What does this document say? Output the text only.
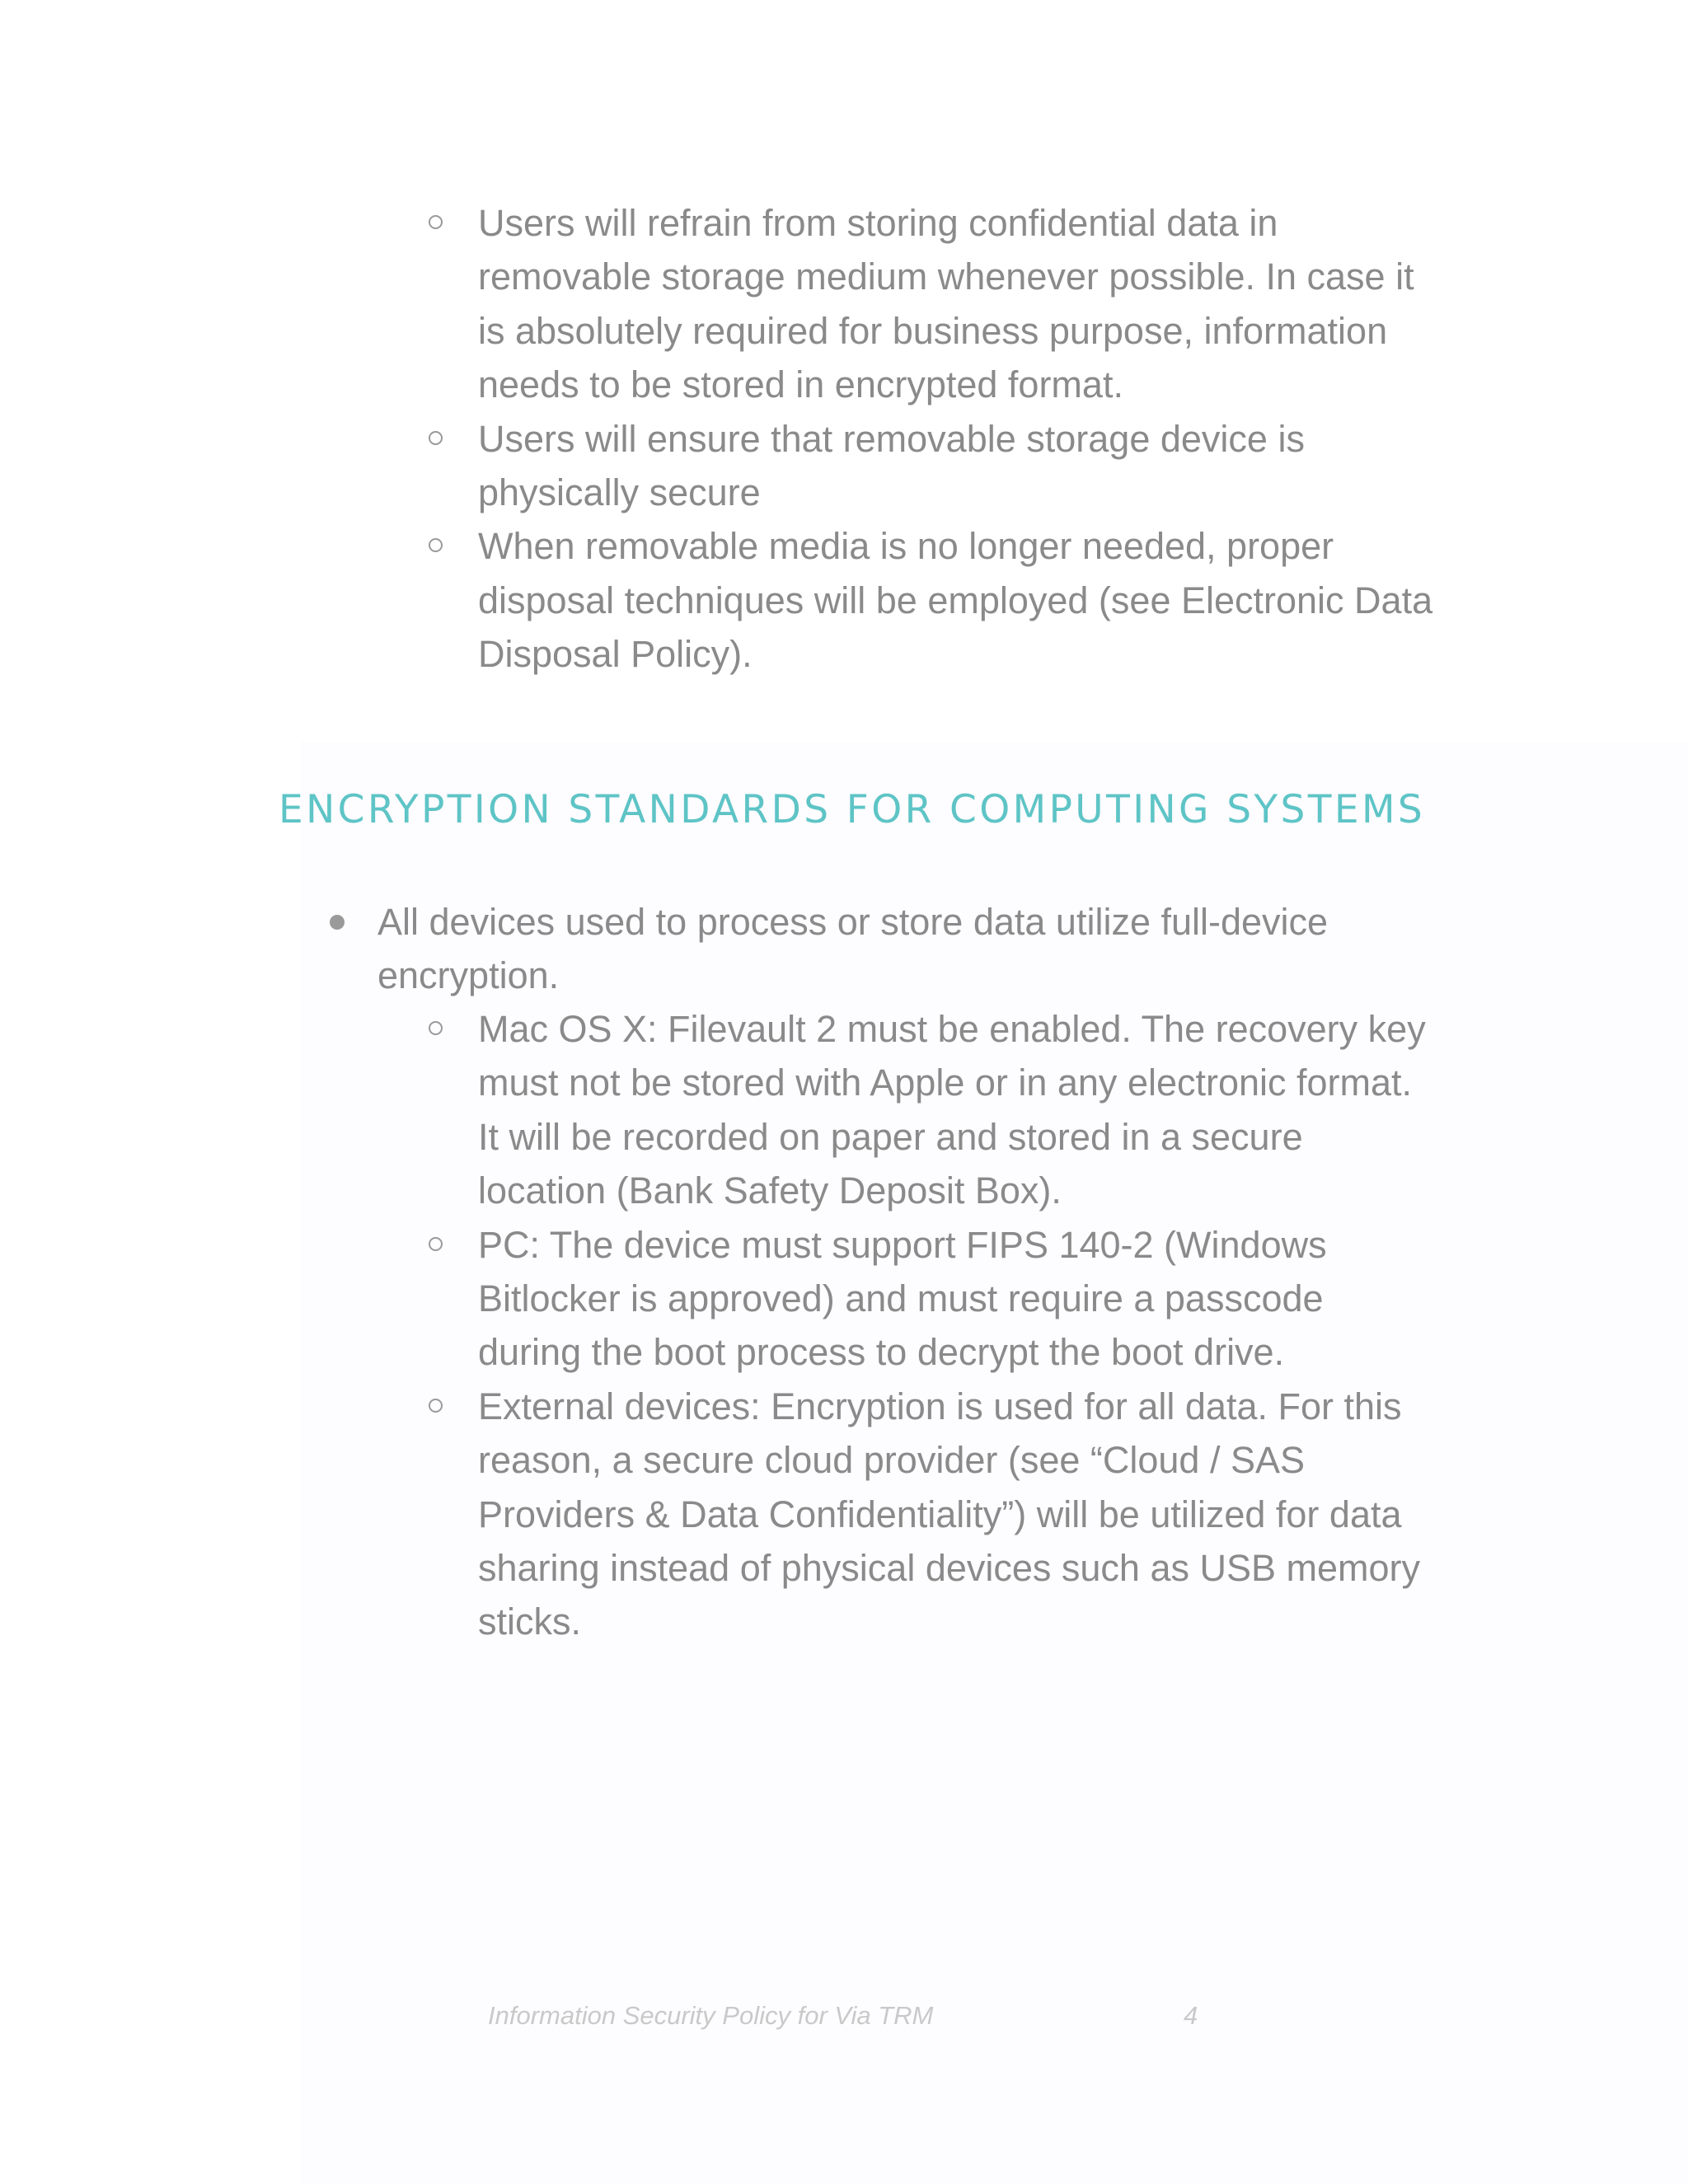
Users will refrain from storing confidential data in
removable storage medium whenever possible. In case it
is absolutely required for business purpose, information
needs to be stored in encrypted format.
Users will ensure that removable storage device is
physically secure
When removable media is no longer needed, proper
disposal techniques will be employed (see Electronic Data
Disposal Policy).
ENCRYPTION STANDARDS FOR COMPUTING SYSTEMS
All devices used to process or store data utilize full-device
encryption.
Mac OS X: Filevault 2 must be enabled. The recovery key
must not be stored with Apple or in any electronic format.
It will be recorded on paper and stored in a secure
location (Bank Safety Deposit Box).
PC: The device must support FIPS 140-2 (Windows
Bitlocker is approved) and must require a passcode
during the boot process to decrypt the boot drive.
External devices: Encryption is used for all data. For this
reason, a secure cloud provider (see “Cloud / SAS
Providers & Data Confidentiality”) will be utilized for data
sharing instead of physical devices such as USB memory
sticks.
Information Security Policy for Via TRM	4
